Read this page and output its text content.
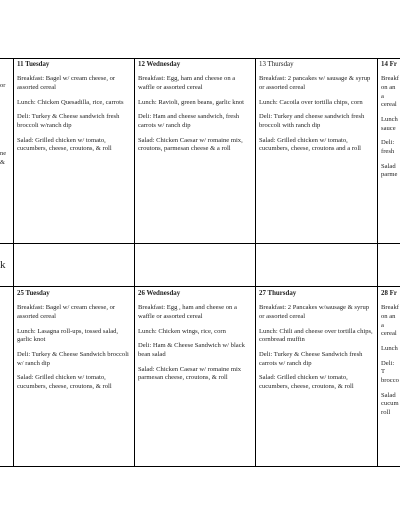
or
ne
&
11 Tuesday

Breakfast: Bagel w/ cream cheese, or assorted cereal

Lunch: Chicken Quesadilla, rice, carrots

Deli: Turkey & Cheese sandwich fresh broccoli w/ranch dip

Salad: Grilled chicken w/ tomato, cucumbers, cheese, croutons, & roll

12 Wednesday

Breakfast: Egg, ham and cheese on a waffle or assorted cereal

Lunch: Ravioli, green beans, garlic knot

Deli: Ham and cheese sandwich, fresh carrots w/ ranch dip

Salad: Chicken Caesar w/ romaine mix, croutons, parmesan cheese & a roll

13 Thursday

Breakfast: 2 pancakes w/ sausage & syrup or assorted cereal

Lunch: Cacoila over tortilla chips, corn

Deli: Turkey and cheese sandwich fresh broccoli with ranch dip

Salad: Grilled chicken w/ tomato, cucumbers, cheese, croutons and a roll

14 Fr

Breakf on an a cereal

Lunch sauce

Deli: fresh

Salad parme

k
25 Tuesday

Breakfast: Bagel w/ cream cheese, or assorted cereal

Lunch: Lasagna roll-ups, tossed salad, garlic knot

Deli: Turkey & Cheese Sandwich broccoli w/ ranch dip

Salad: Grilled chicken w/ tomato, cucumbers, cheese, croutons, & roll

26 Wednesday

Breakfast: Egg , ham and cheese on a waffle or assorted cereal

Lunch: Chicken wings, rice, corn

Deli: Ham & Cheese Sandwich w/ black bean salad

Salad: Chicken Caesar w/ romaine mix parmesan cheese, croutons, & roll

27 Thursday

Breakfast: 2 Pancakes w/sausage & syrup or assorted cereal

Lunch: Chili and cheese over tortilla chips, cornbread muffin

Deli: Turkey & Cheese Sandwich fresh carrots w/ ranch dip

Salad: Grilled chicken w/ tomato, cucumbers, cheese, croutons, & roll

28 Fr

Breakf on an a cereal

Lunch

Deli: T brocco

Salad cucum roll
